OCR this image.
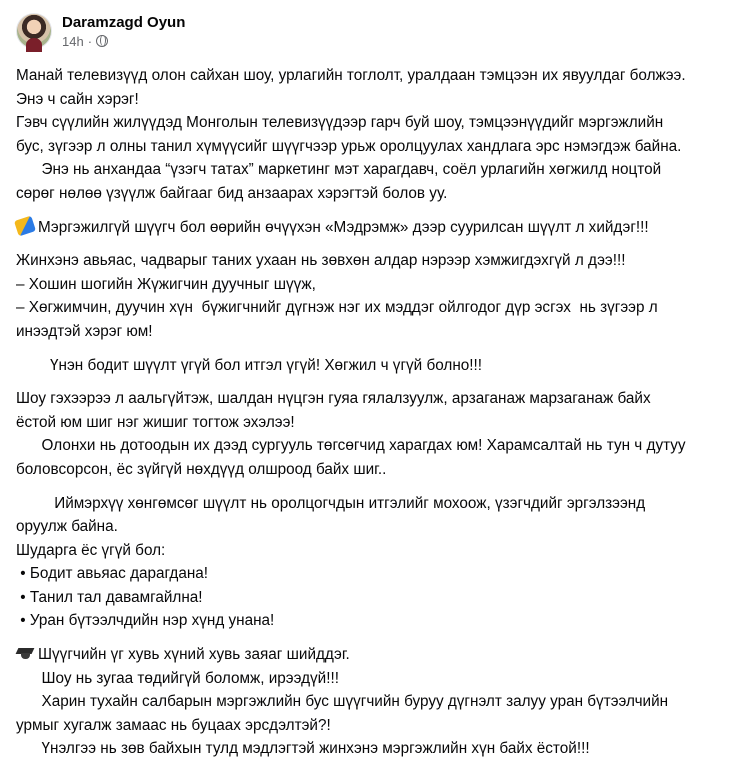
Daramzagd Oyun
14h ·
Манай телевизүүд олон сайхан шоу, урлагийн тоглолт, уралдаан тэмцээн их явуулдаг болжээ.
Энэ ч сайн хэрэг!
Гэвч сүүлийн жилүүдэд Монголын телевизүүдээр гарч буй шоу, тэмцээнүүдийг мэргэжлийн
бус, зүгээр л олны танил хүмүүсийг шүүгчээр урьж оролцуулах хандлага эрс нэмэгдэж байна.
Энэ нь анхандаа “үзэгч татах” маркетинг мэт харагдавч, соёл урлагийн хөгжилд ноцтой
сөрөг нөлөө үзүүлж байгааг бид анзаарах хэрэгтэй болов уу.
Мэргэжилгүй шүүгч бол өөрийн өчүүхэн «Мэдрэмж» дээр суурилсан шүүлт л хийдэг!!!
Жинхэнэ авьяас, чадварыг таних ухаан нь зөвхөн алдар нэрээр хэмжигдэхгүй л дээ!!!
– Хошин шогийн Жүжигчин дуучныг шүүж,
– Хөгжимчин, дуучин хүн  бүжигчнийг дүгнэж нэг их мэддэг ойлгодог дүр эсгэх  нь зүгээр л
инээдтэй хэрэг юм!
Үнэн бодит шүүлт үгүй бол итгэл үгүй! Хөгжил ч үгүй болно!!!
Шоу гэхээрээ л аальгүйтэж, шалдан нүцгэн гуяа гялалзуулж, арзаганаж марзаганаж байх
ёстой юм шиг нэг жишиг тогтож эхэлээ!
Олонхи нь дотоодын их дээд сургууль төгсөгчид харагдах юм! Харамсалтай нь тун ч дутуу
боловсорсон, ёс зүйгүй нөхдүүд олшроод байх шиг..
Иймэрхүү хөнгөмсөг шүүлт нь оролцогчдын итгэлийг мохоож, үзэгчдийг эргэлзээнд
оруулж байна.
Шударга ёс үгүй бол:
• Бодит авьяас дарагдана!
• Танил тал давамгайлна!
• Уран бүтээлчдийн нэр хүнд унана!
Шүүгчийн үг хувь хүний хувь заяаг шийддэг.
Шоу нь зугаа төдийгүй боломж, ирээдүй!!!
Харин тухайн салбарын мэргэжлийн бус шүүгчийн буруу дүгнэлт залуу уран бүтээлчийн
урмыг хугалж замаас нь буцаах эрсдэлтэй?!
Үнэлгээ нь зөв байхын тулд мэдлэгтэй жинхэнэ мэргэжлийн хүн байх ёстой!!!
